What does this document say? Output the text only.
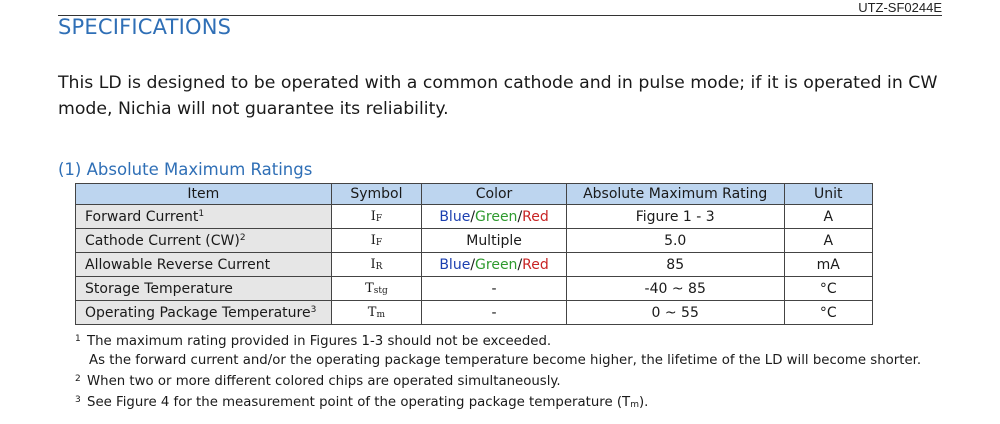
UTZ-SF0244E
SPECIFICATIONS
This LD is designed to be operated with a common cathode and in pulse mode; if it is operated in CW mode, Nichia will not guarantee its reliability.
(1) Absolute Maximum Ratings
Item	Symbol	Color	Absolute Maximum Rating	Unit
Forward Current$^1$	$I_F$	Blue/Green/Red	Figure 1 - 3	A
Cathode Current (CW)$^2$	$I_F$	Multiple	5.0	A
Allowable Reverse Current	$I_R$	Blue/Green/Red	85	mA
Storage Temperature	$T_{stg}$	-	-40 ~ 85	°C
Operating Package Temperature$^3$	$T_m$	-	0 ~ 55	°C
1 The maximum rating provided in Figures 1-3 should not be exceeded.
As the forward current and/or the operating package temperature become higher, the lifetime of the LD will become shorter.
2 When two or more different colored chips are operated simultaneously.
3 See Figure 4 for the measurement point of the operating package temperature (Tm).
